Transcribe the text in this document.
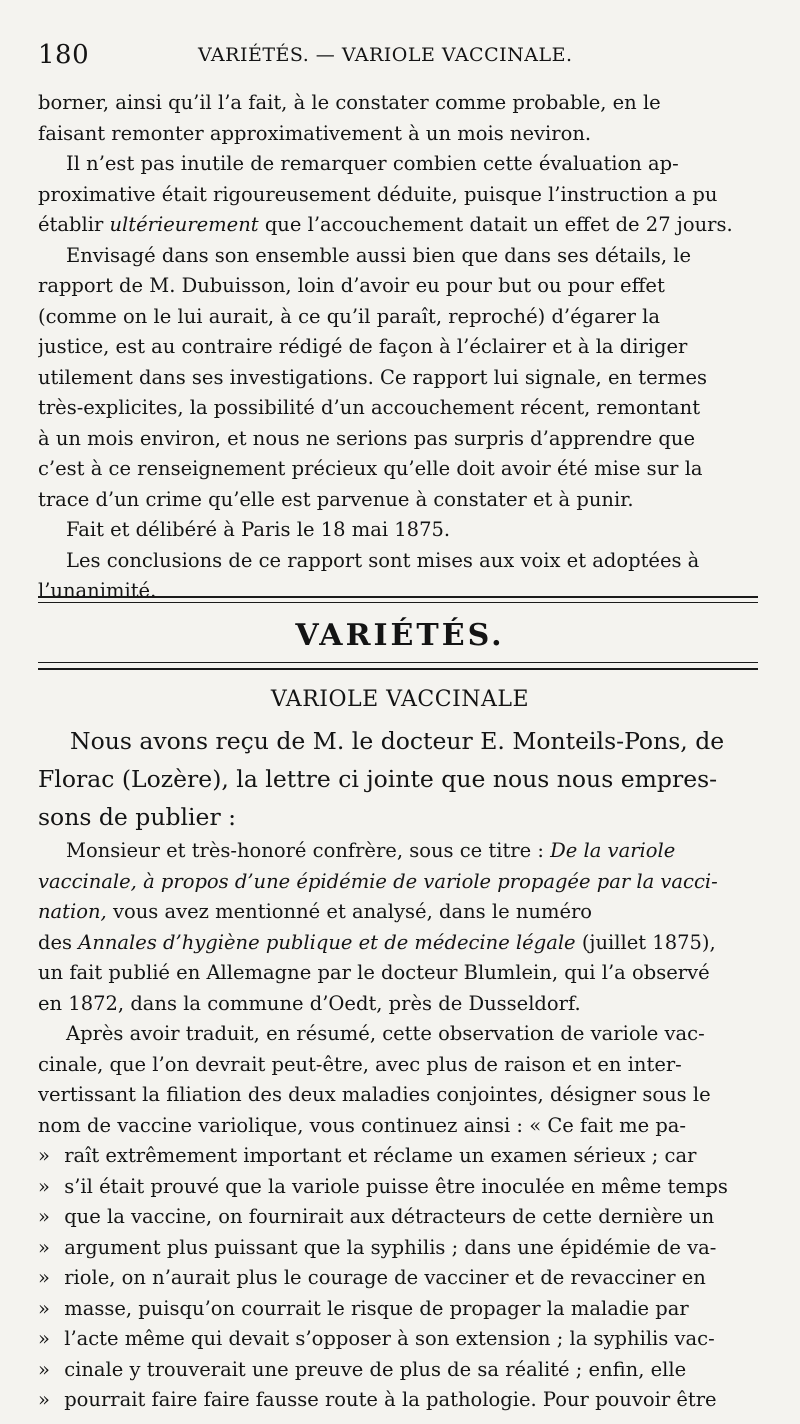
180	VARIÉTÉS. — VARIOLE VACCINALE.
borner, ainsi qu’il l’a fait, à le constater comme probable, en le
faisant remonter approximativement à un mois neviron.
Il n’est pas inutile de remarquer combien cette évaluation ap-
proximative était rigoureusement déduite, puisque l’instruction a pu
établir ultérieurement que l’accouchement datait un effet de 27 jours.
Envisagé dans son ensemble aussi bien que dans ses détails, le
rapport de M. Dubuisson, loin d’avoir eu pour but ou pour effet
(comme on le lui aurait, à ce qu’il paraît, reproché) d’égarer la
justice, est au contraire rédigé de façon à l’éclairer et à la diriger
utilement dans ses investigations. Ce rapport lui signale, en termes
très-explicites, la possibilité d’un accouchement récent, remontant
à un mois environ, et nous ne serions pas surpris d’apprendre que
c’est à ce renseignement précieux qu’elle doit avoir été mise sur la
trace d’un crime qu’elle est parvenue à constater et à punir.
Fait et délibéré à Paris le 18 mai 1875.
Les conclusions de ce rapport sont mises aux voix et adoptées à
l’unanimité.
VARIÉTÉS.
VARIOLE VACCINALE
Nous avons reçu de M. le docteur E. Monteils-Pons, de
Florac (Lozère), la lettre ci jointe que nous nous empres-
sons de publier :
Monsieur et très-honoré confrère, sous ce titre : De la variole
vaccinale, à propos d’une épidémie de variole propagée par la vacci-
nation, vous avez mentionné et analysé, dans le numéro
des Annales d’hygiène publique et de médecine légale (juillet 1875),
un fait publié en Allemagne par le docteur Blumlein, qui l’a observé
en 1872, dans la commune d’Oedt, près de Dusseldorf.
Après avoir traduit, en résumé, cette observation de variole vac-
cinale, que l’on devrait peut-être, avec plus de raison et en inter-
vertissant la filiation des deux maladies conjointes, désigner sous le
nom de vaccine variolique, vous continuez ainsi : « Ce fait me pa-
» raît extrêmement important et réclame un examen sérieux ; car
» s’il était prouvé que la variole puisse être inoculée en même temps
» que la vaccine, on fournirait aux détracteurs de cette dernière un
» argument plus puissant que la syphilis ; dans une épidémie de va-
» riole, on n’aurait plus le courage de vacciner et de revacciner en
» masse, puisqu’on courrait le risque de propager la maladie par
» l’acte même qui devait s’opposer à son extension ; la syphilis vac-
» cinale y trouverait une preuve de plus de sa réalité ; enfin, elle
» pourrait faire faire fausse route à la pathologie. Pour pouvoir être
